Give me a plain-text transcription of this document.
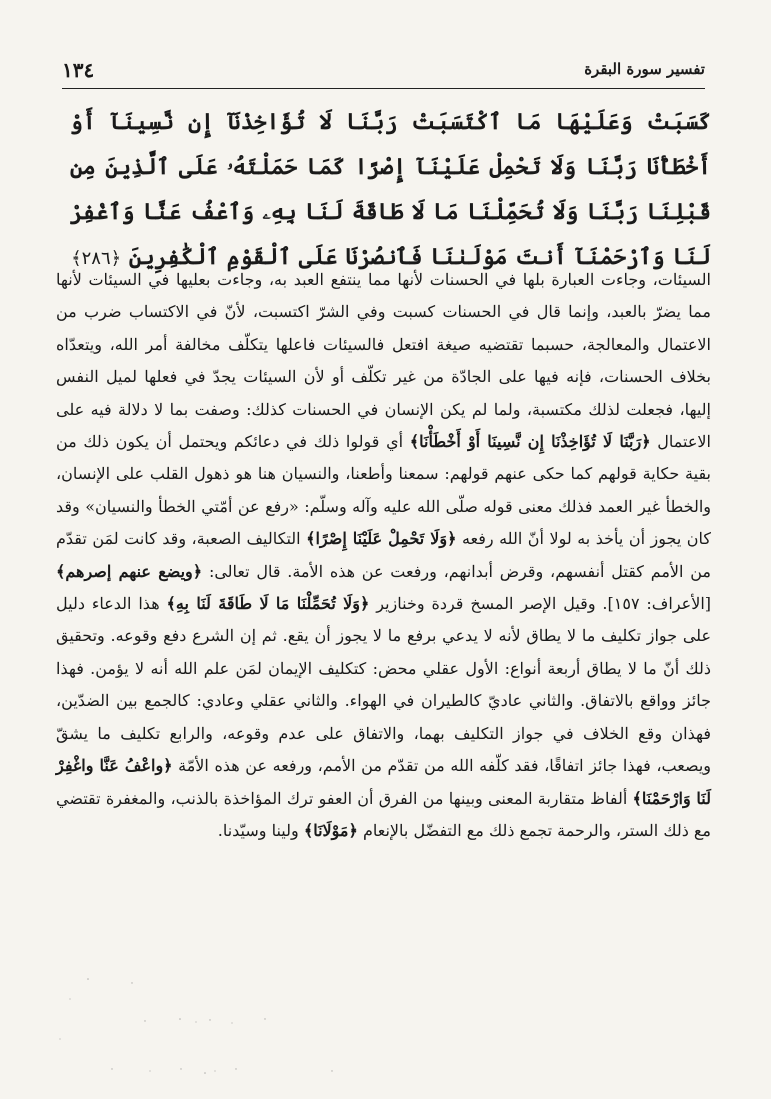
تفسير سورة البقرة
١٣٤
كَسَبَتْ وَعَلَيْهَا مَا ٱكْتَسَبَتْ رَبَّنَا لَا تُؤَاخِذْنَآ إِن نَّسِينَآ أَوْ أَخْطَأْنَا رَبَّنَا وَلَا تَحْمِلْ عَلَيْنَآ إِصْرًا كَمَا حَمَلْتَهُۥ عَلَى ٱلَّذِينَ مِن قَبْلِنَا رَبَّنَا وَلَا تُحَمِّلْنَا مَا لَا طَاقَةَ لَنَا بِهِۦ وَٱعْفُ عَنَّا وَٱغْفِرْ لَنَا وَٱرْحَمْنَآ أَنتَ مَوْلَىٰنَا فَٱنصُرْنَا عَلَى ٱلْقَوْمِ ٱلْكَٰفِرِينَ ﴿٢٨٦﴾

السيئات، وجاءت العبارة بلها في الحسنات لأنها مما ينتفع العبد به، وجاءت بعليها في السيئات لأنها مما يضرّ بالعبد، وإنما قال في الحسنات كسبت وفي الشرّ اكتسبت، لأنّ في الاكتساب ضرب من الاعتمال والمعالجة، حسبما تقتضيه صيغة افتعل فالسيئات فاعلها يتكلّف مخالفة أمر الله، ويتعدّاه بخلاف الحسنات، فإنه فيها على الجادّة من غير تكلّف أو لأن السيئات يجدّ في فعلها لميل النفس إليها، فجعلت لذلك مكتسبة، ولما لم يكن الإنسان في الحسنات كذلك: وصفت بما لا دلالة فيه على الاعتمال ﴿رَبَّنَا لَا تُؤَاخِذْنَا إِن نَّسِينَا أَوْ أَخْطَأْنَا﴾ أي قولوا ذلك في دعائكم ويحتمل أن يكون ذلك من بقية حكاية قولهم كما حكى عنهم قولهم: سمعنا وأطعنا، والنسيان هنا هو ذهول القلب على الإنسان، والخطأ غير العمد فذلك معنى قوله صلّى الله عليه وآله وسلّم: «رفع عن أمّتي الخطأ والنسيان» وقد كان يجوز أن يأخذ به لولا أنّ الله رفعه ﴿وَلَا تَحْمِلْ عَلَيْنَا إِصْرًا﴾ التكاليف الصعبة، وقد كانت لمَن تقدّم من الأمم كقتل أنفسهم، وقرض أبدانهم، ورفعت عن هذه الأمة. قال تعالى: ﴿ويضع عنهم إصرهم﴾ [الأعراف: ١٥٧]. وقيل الإصر المسخ قردة وخنازير ﴿وَلَا تُحَمِّلْنَا مَا لَا طَاقَةَ لَنَا بِهِ﴾ هذا الدعاء دليل على جواز تكليف ما لا يطاق لأنه لا يدعي برفع ما لا يجوز أن يقع. ثم إن الشرع دفع وقوعه. وتحقيق ذلك أنّ ما لا يطاق أربعة أنواع: الأول عقلي محض: كتكليف الإيمان لمَن علم الله أنه لا يؤمن. فهذا جائز وواقع بالاتفاق. والثاني عاديّ كالطيران في الهواء. والثاني عقلي وعادي: كالجمع بين الضدّين، فهذان وقع الخلاف في جواز التكليف بهما، والاتفاق على عدم وقوعه، والرابع تكليف ما يشقّ ويصعب، فهذا جائز اتفاقًا، فقد كلّفه الله من تقدّم من الأمم، ورفعه عن هذه الأمّة ﴿واعْفُ عَنَّا واغْفِرْ لَنَا وَارْحَمْنَا﴾ ألفاظ متقاربة المعنى وبينها من الفرق أن العفو ترك المؤاخذة بالذنب، والمغفرة تقتضي مع ذلك الستر، والرحمة تجمع ذلك مع التفضّل بالإنعام ﴿مَوْلَانَا﴾ ولينا وسيّدنا.
